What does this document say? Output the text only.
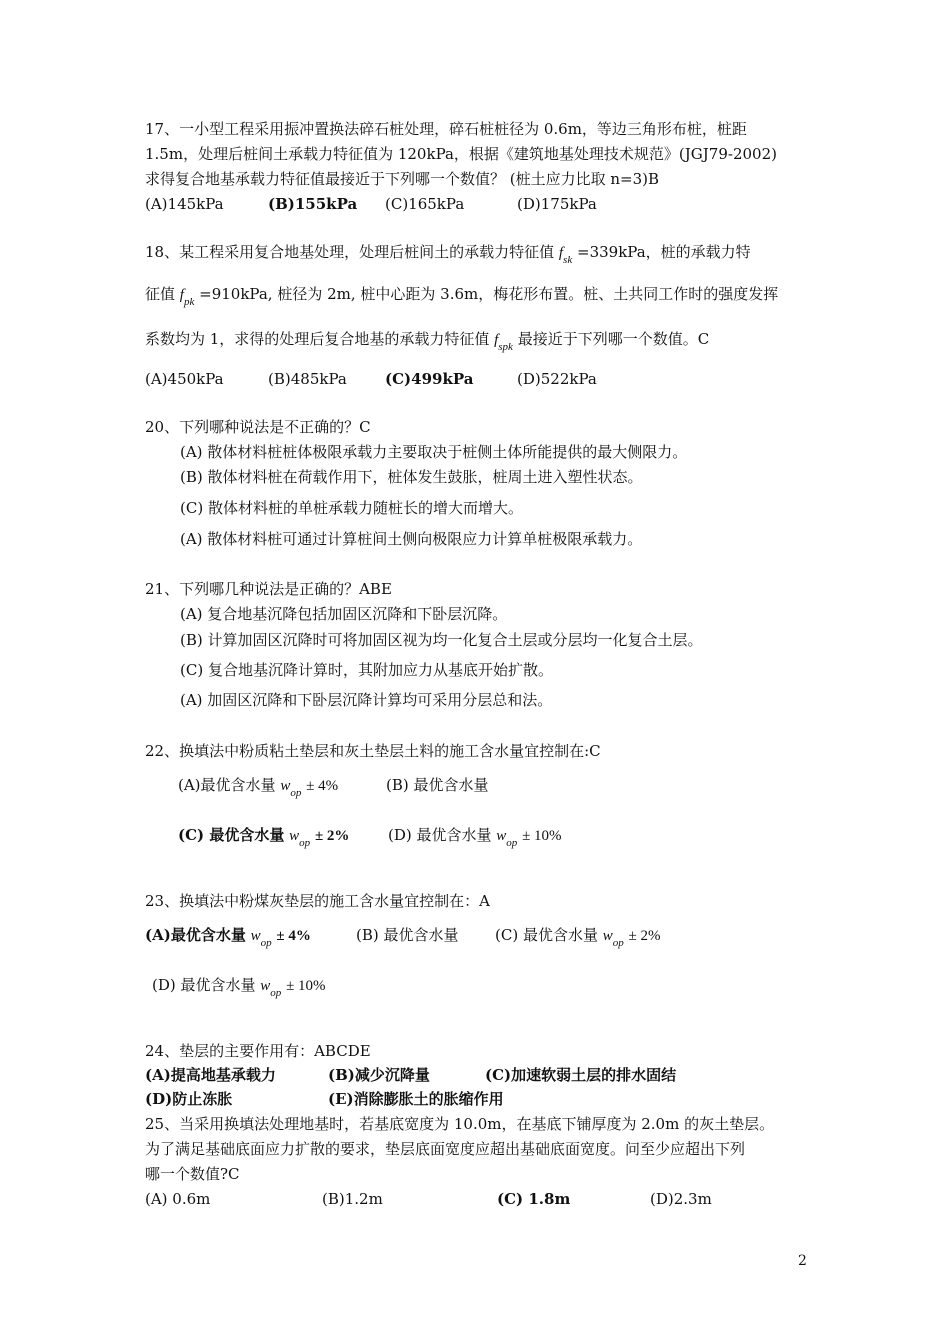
17、一小型工程采用振冲置换法碎石桩处理，碎石桩桩径为 0.6m，等边三角形布桩，桩距
1.5m，处理后桩间土承载力特征值为 120kPa，根据《建筑地基处理技术规范》(JGJ79-2002)
求得复合地基承载力特征值最接近于下列哪一个数值？ (桩土应力比取 n=3)B
(A)145kPa	(B)155kPa (C)165kPa	(D)175kPa
18、某工程采用复合地基处理，处理后桩间土的承载力特征值 $f_{sk} =339kPa$，桩的承载力特
征值 $f_{pk} =910kPa$, 桩径为 2m, 桩中心距为 3.6m，梅花形布置。桩、土共同工作时的强度发挥
系数均为 1，求得的处理后复合地基的承载力特征值 $f_{spk}$ 最接近于下列哪一个数值。C
(A)450kPa	(B)485kPa	(C)499kPa	(D)522kPa
20、下列哪种说法是不正确的？C
(A) 散体材料桩桩体极限承载力主要取决于桩侧土体所能提供的最大侧限力。
(B) 散体材料桩在荷载作用下，桩体发生鼓胀，桩周土进入塑性状态。
(C) 散体材料桩的单桩承载力随桩长的增大而增大。
(A) 散体材料桩可通过计算桩间土侧向极限应力计算单桩极限承载力。
21、下列哪几种说法是正确的？ABE
(A) 复合地基沉降包括加固区沉降和下卧层沉降。
(B) 计算加固区沉降时可将加固区视为均一化复合土层或分层均一化复合土层。
(C) 复合地基沉降计算时，其附加应力从基底开始扩散。
(A) 加固区沉降和下卧层沉降计算均可采用分层总和法。
22、换填法中粉质粘土垫层和灰土垫层土料的施工含水量宜控制在:C
(A)最优含水量 $w_{op} \pm 4\%$	(B) 最优含水量
(C) 最优含水量 $w_{op} \pm 2\%$	(D) 最优含水量 $w_{op} \pm 10\%$
23、换填法中粉煤灰垫层的施工含水量宜控制在：A
(A)最优含水量 $w_{op} \pm 4\%$	(B) 最优含水量 (C) 最优含水量 $w_{op} \pm 2\%$
(D) 最优含水量 $w_{op} \pm 10\%$
24、垫层的主要作用有：ABCDE
(A)提高地基承载力	(B)减少沉降量	(C)加速软弱土层的排水固结
(D)防止冻胀	(E)消除膨胀土的胀缩作用
25、当采用换填法处理地基时，若基底宽度为 10.0m，在基底下铺厚度为 2.0m 的灰土垫层。
为了满足基础底面应力扩散的要求，垫层底面宽度应超出基础底面宽度。问至少应超出下列
哪一个数值?C
(A) 0.6m	(B)1.2m	(C) 1.8m	(D)2.3m
2
